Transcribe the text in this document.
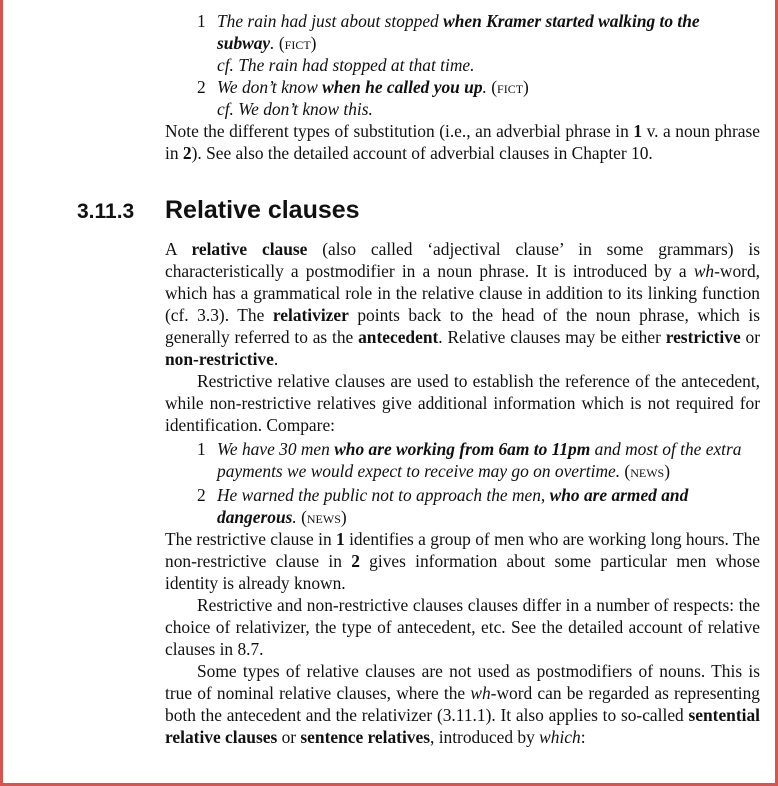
1 The rain had just about stopped when Kramer started walking to the
subway. (fict)
cf. The rain had stopped at that time.
2 We don’t know when he called you up. (fict)
cf. We don’t know this.

Note the different types of substitution (i.e., an adverbial phrase in 1 v. a noun phrase in 2). See also the detailed account of adverbial clauses in Chapter 10.

3.11.3 Relative clauses

A relative clause (also called ‘adjectival clause’ in some grammars) is characteristically a postmodifier in a noun phrase. It is introduced by a wh-word, which has a grammatical role in the relative clause in addition to its linking function (cf. 3.3). The relativizer points back to the head of the noun phrase, which is generally referred to as the antecedent. Relative clauses may be either restrictive or non-restrictive.

Restrictive relative clauses are used to establish the reference of the antecedent, while non-restrictive relatives give additional information which is not required for identification. Compare:

1 We have 30 men who are working from 6am to 11pm and most of the extra payments we would expect to receive may go on overtime. (news)
2 He warned the public not to approach the men, who are armed and dangerous. (news)

The restrictive clause in 1 identifies a group of men who are working long hours. The non-restrictive clause in 2 gives information about some particular men whose identity is already known.

Restrictive and non-restrictive clauses clauses differ in a number of respects: the choice of relativizer, the type of antecedent, etc. See the detailed account of relative clauses in 8.7.

Some types of relative clauses are not used as postmodifiers of nouns. This is true of nominal relative clauses, where the wh-word can be regarded as representing both the antecedent and the relativizer (3.11.1). It also applies to so-called sentential relative clauses or sentence relatives, introduced by which:
